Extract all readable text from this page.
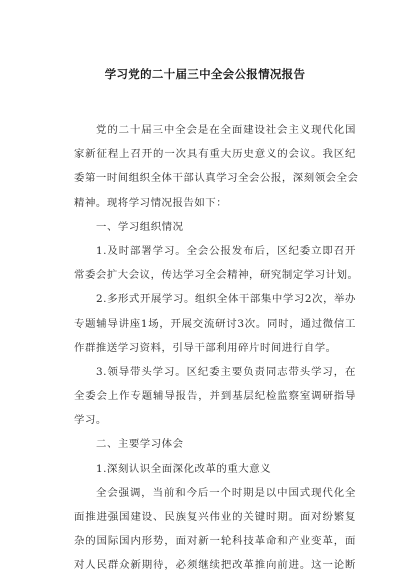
学习党的二十届三中全会公报情况报告
党的二十届三中全会是在全面建设社会主义现代化国
家新征程上召开的一次具有重大历史意义的会议。我区纪
委第一时间组织全体干部认真学习全会公报，深刻领会全会
精神。现将学习情况报告如下：
一、学习组织情况
1.及时部署学习。全会公报发布后，区纪委立即召开
常委会扩大会议，传达学习全会精神，研究制定学习计划。
2.多形式开展学习。组织全体干部集中学习2次，举办
专题辅导讲座1场，开展交流研讨3次。同时，通过微信工
作群推送学习资料，引导干部利用碎片时间进行自学。
3.领导带头学习。区纪委主要负责同志带头学习，在
全委会上作专题辅导报告，并到基层纪检监察室调研指导
学习。
二、主要学习体会
1.深刻认识全面深化改革的重大意义
全会强调，当前和今后一个时期是以中国式现代化全
面推进强国建设、民族复兴伟业的关键时期。面对纷繁复
杂的国际国内形势，面对新一轮科技革命和产业变革，面
对人民群众新期待，必须继续把改革推向前进。这一论断
